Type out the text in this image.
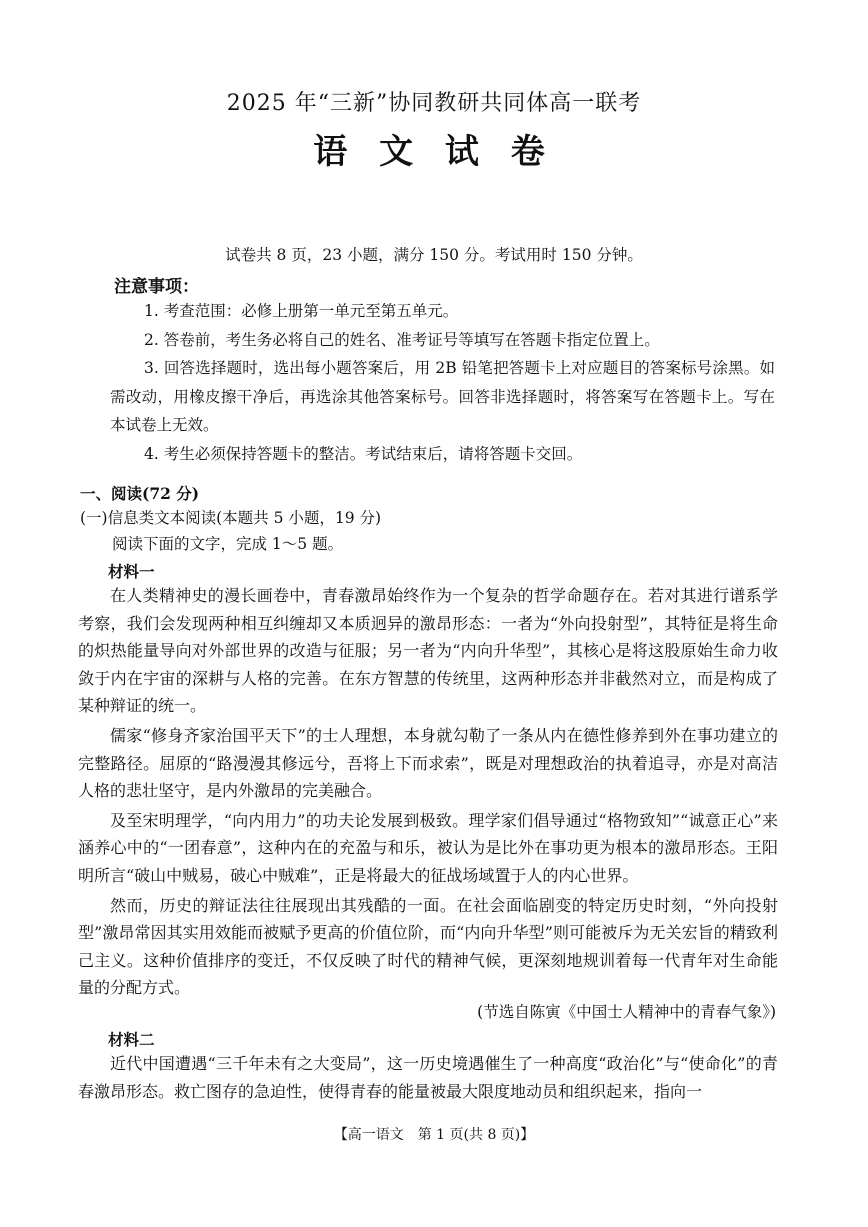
2025 年“三新”协同教研共同体高一联考
语 文 试 卷
试卷共 8 页，23 小题，满分 150 分。考试用时 150 分钟。
注意事项：

1. 考查范围：必修上册第一单元至第五单元。

2. 答卷前，考生务必将自己的姓名、准考证号等填写在答题卡指定位置上。

3. 回答选择题时，选出每小题答案后，用 2B 铅笔把答题卡上对应题目的答案标号涂黑。如需改动，用橡皮擦干净后，再选涂其他答案标号。回答非选择题时，将答案写在答题卡上。写在本试卷上无效。

4. 考生必须保持答题卡的整洁。考试结束后，请将答题卡交回。

一、阅读(72 分)
(一)信息类文本阅读(本题共 5 小题，19 分)
阅读下面的文字，完成 1～5 题。
材料一

在人类精神史的漫长画卷中，青春激昂始终作为一个复杂的哲学命题存在。若对其进行谱系学考察，我们会发现两种相互纠缠却又本质迥异的激昂形态：一者为“外向投射型”，其特征是将生命的炽热能量导向对外部世界的改造与征服；另一者为“内向升华型”，其核心是将这股原始生命力收敛于内在宇宙的深耕与人格的完善。在东方智慧的传统里，这两种形态并非截然对立，而是构成了某种辩证的统一。

儒家“修身齐家治国平天下”的士人理想，本身就勾勒了一条从内在德性修养到外在事功建立的完整路径。屈原的“路漫漫其修远兮，吾将上下而求索”，既是对理想政治的执着追寻，亦是对高洁人格的悲壮坚守，是内外激昂的完美融合。

及至宋明理学，“向内用力”的功夫论发展到极致。理学家们倡导通过“格物致知”“诚意正心”来涵养心中的“一团春意”，这种内在的充盈与和乐，被认为是比外在事功更为根本的激昂形态。王阳明所言“破山中贼易，破心中贼难”，正是将最大的征战场域置于人的内心世界。

然而，历史的辩证法往往展现出其残酷的一面。在社会面临剧变的特定历史时刻，“外向投射型”激昂常因其实用效能而被赋予更高的价值位阶，而“内向升华型”则可能被斥为无关宏旨的精致利己主义。这种价值排序的变迁，不仅反映了时代的精神气候，更深刻地规训着每一代青年对生命能量的分配方式。

(节选自陈寅《中国士人精神中的青春气象》)
材料二

近代中国遭遇“三千年未有之大变局”，这一历史境遇催生了一种高度“政治化”与“使命化”的青春激昂形态。救亡图存的急迫性，使得青春的能量被最大限度地动员和组织起来，指向一

【高一语文　第 1 页(共 8 页)】
